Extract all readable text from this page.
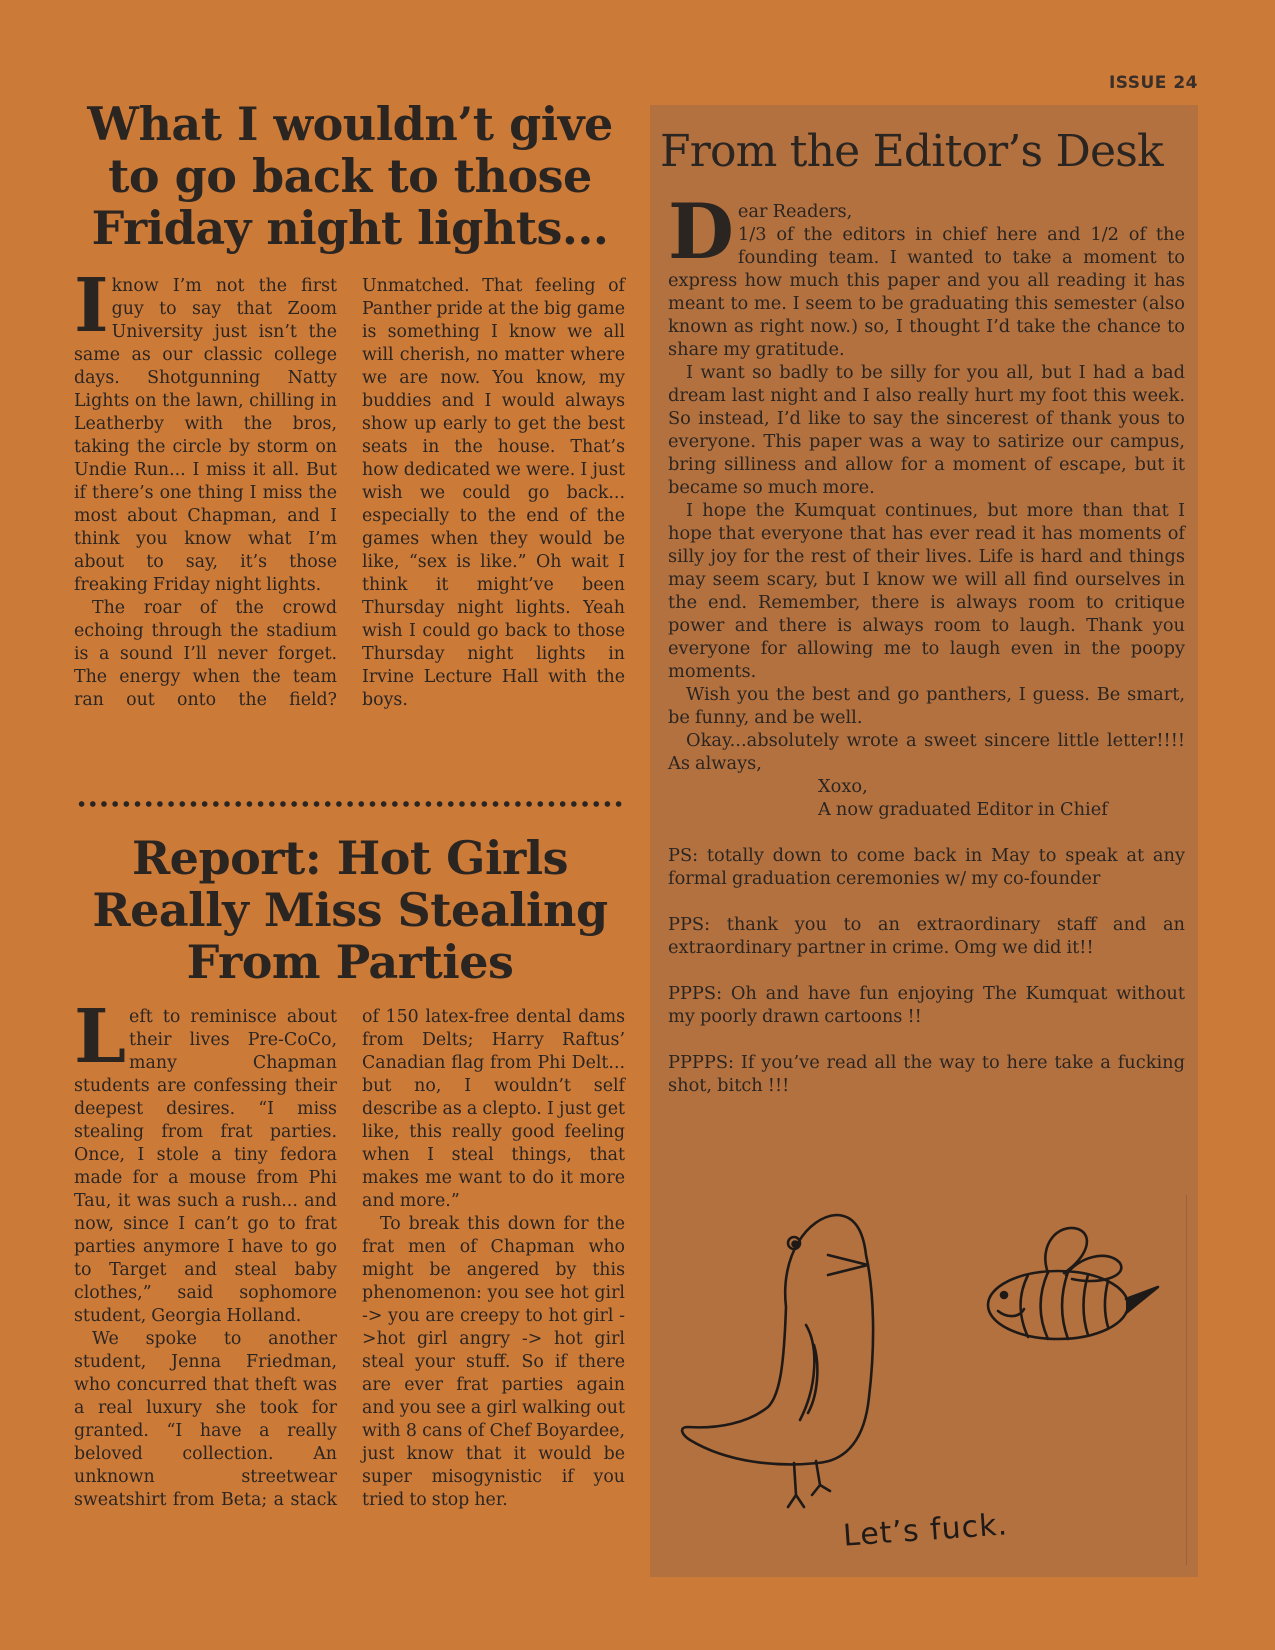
ISSUE 24
What I wouldn’t give to go back to those Friday night lights...

Iknow I’m not the first guy to say that Zoom University just isn’t the same as our classic college days. Shotgunning Natty Lights on the lawn, chilling in Leatherby with the bros, taking the circle by storm on Undie Run... I miss it all. But if there’s one thing I miss the most about Chapman, and I think you know what I’m about to say, it’s those freaking Friday night lights.

The roar of the crowd echoing through the stadium is a sound I’ll never forget. The energy when the team ran out onto the field? Unmatched. That feeling of Panther pride at the big game is something I know we all will cherish, no matter where we are now. You know, my buddies and I would always show up early to get the best seats in the house. That’s how dedicated we were. I just wish we could go back... especially to the end of the games when they would be like, “sex is like.” Oh wait I think it might’ve been Thursday night lights. Yeah wish I could go back to those Thursday night lights in Irvine Lecture Hall with the boys.

Report: Hot Girls Really Miss Stealing From Parties

Left to reminisce about their lives Pre-CoCo, many Chapman students are confessing their deepest desires. “I miss stealing from frat parties. Once, I stole a tiny fedora made for a mouse from Phi Tau, it was such a rush... and now, since I can’t go to frat parties anymore I have to go to Target and steal baby clothes,” said sophomore student, Georgia Holland.

We spoke to another student, Jenna Friedman, who concurred that theft was a real luxury she took for granted. “I have a really beloved collection. An unknown streetwear sweatshirt from Beta; a stack of 150 latex-free dental dams from Delts; Harry Raftus’ Canadian flag from Phi Delt... but no, I wouldn’t self describe as a clepto. I just get like, this really good feeling when I steal things, that makes me want to do it more and more.”

To break this down for the frat men of Chapman who might be angered by this phenomenon: you see hot girl -> you are creepy to hot girl ->hot girl angry -> hot girl steal your stuff. So if there are ever frat parties again and you see a girl walking out with 8 cans of Chef Boyardee, just know that it would be super misogynistic if you tried to stop her.

From the Editor’s Desk

Dear Readers,
1/3 of the editors in chief here and 1/2 of the founding team. I wanted to take a moment to express how much this paper and you all reading it has meant to me. I seem to be graduating this semester (also known as right now.) so, I thought I’d take the chance to share my gratitude.

I want so badly to be silly for you all, but I had a bad dream last night and I also really hurt my foot this week. So instead, I’d like to say the sincerest of thank yous to everyone. This paper was a way to satirize our campus, bring silliness and allow for a moment of escape, but it became so much more.

I hope the Kumquat continues, but more than that I hope that everyone that has ever read it has moments of silly joy for the rest of their lives. Life is hard and things may seem scary, but I know we will all find ourselves in the end. Remember, there is always room to critique power and there is always room to laugh. Thank you everyone for allowing me to laugh even in the poopy moments.

Wish you the best and go panthers, I guess. Be smart, be funny, and be well.

Okay...absolutely wrote a sweet sincere little letter!!!! As always,

Xoxo,

A now graduated Editor in Chief

PS: totally down to come back in May to speak at any formal graduation ceremonies w/ my co-founder

PPS: thank you to an extraordinary staff and an extraordinary partner in crime. Omg we did it!!

PPPS: Oh and have fun enjoying The Kumquat without my poorly drawn cartoons !!

PPPPS: If you’ve read all the way to here take a fucking shot, bitch !!!

Let’s fuck.
